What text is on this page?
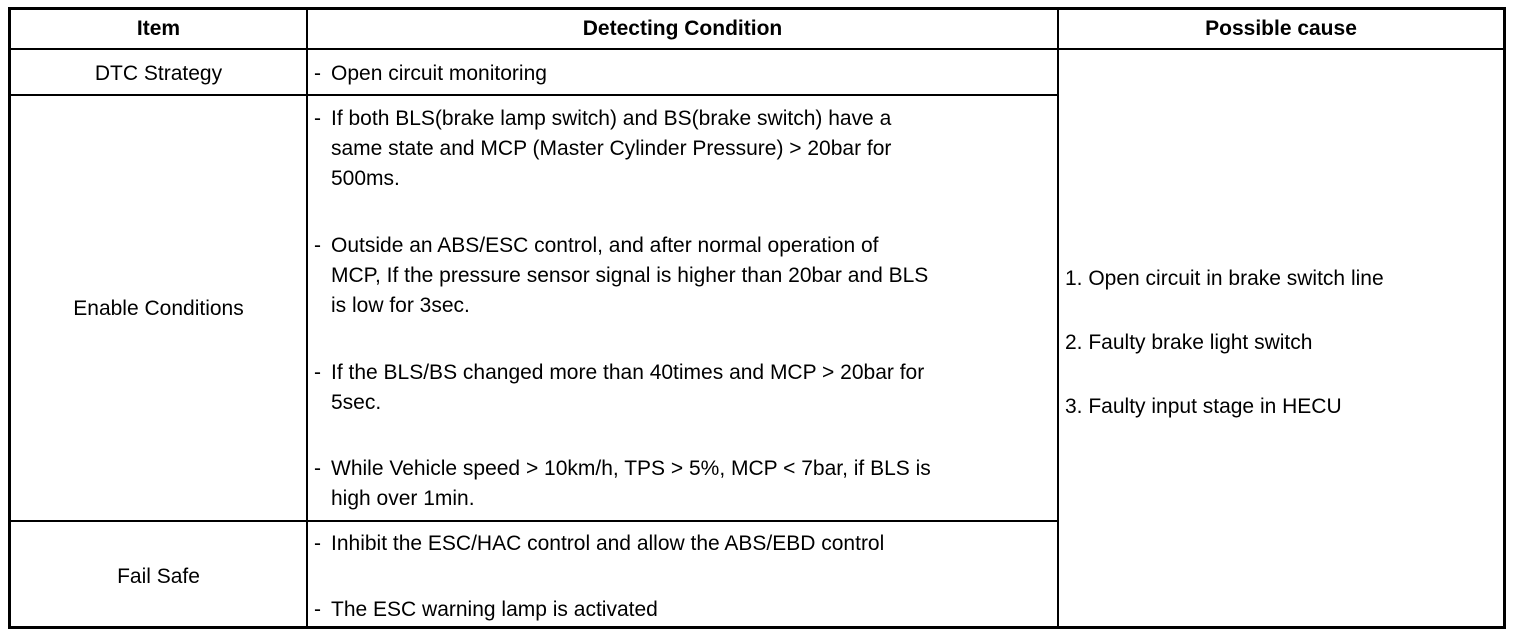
Item	Detecting Condition	Possible cause
DTC Strategy
Enable Conditions
Fail Safe
- Open circuit monitoring
- If both BLS(brake lamp switch) and BS(brake switch) have a
same state and MCP (Master Cylinder Pressure) > 20bar for
500ms.
- Outside an ABS/ESC control, and after normal operation of
MCP, If the pressure sensor signal is higher than 20bar and BLS
is low for 3sec.
- If the BLS/BS changed more than 40times and MCP > 20bar for
5sec.
- While Vehicle speed > 10km/h, TPS > 5%, MCP < 7bar, if BLS is
high over 1min.
- Inhibit the ESC/HAC control and allow the ABS/EBD control
- The ESC warning lamp is activated
1. Open circuit in brake switch line
2. Faulty brake light switch
3. Faulty input stage in HECU
